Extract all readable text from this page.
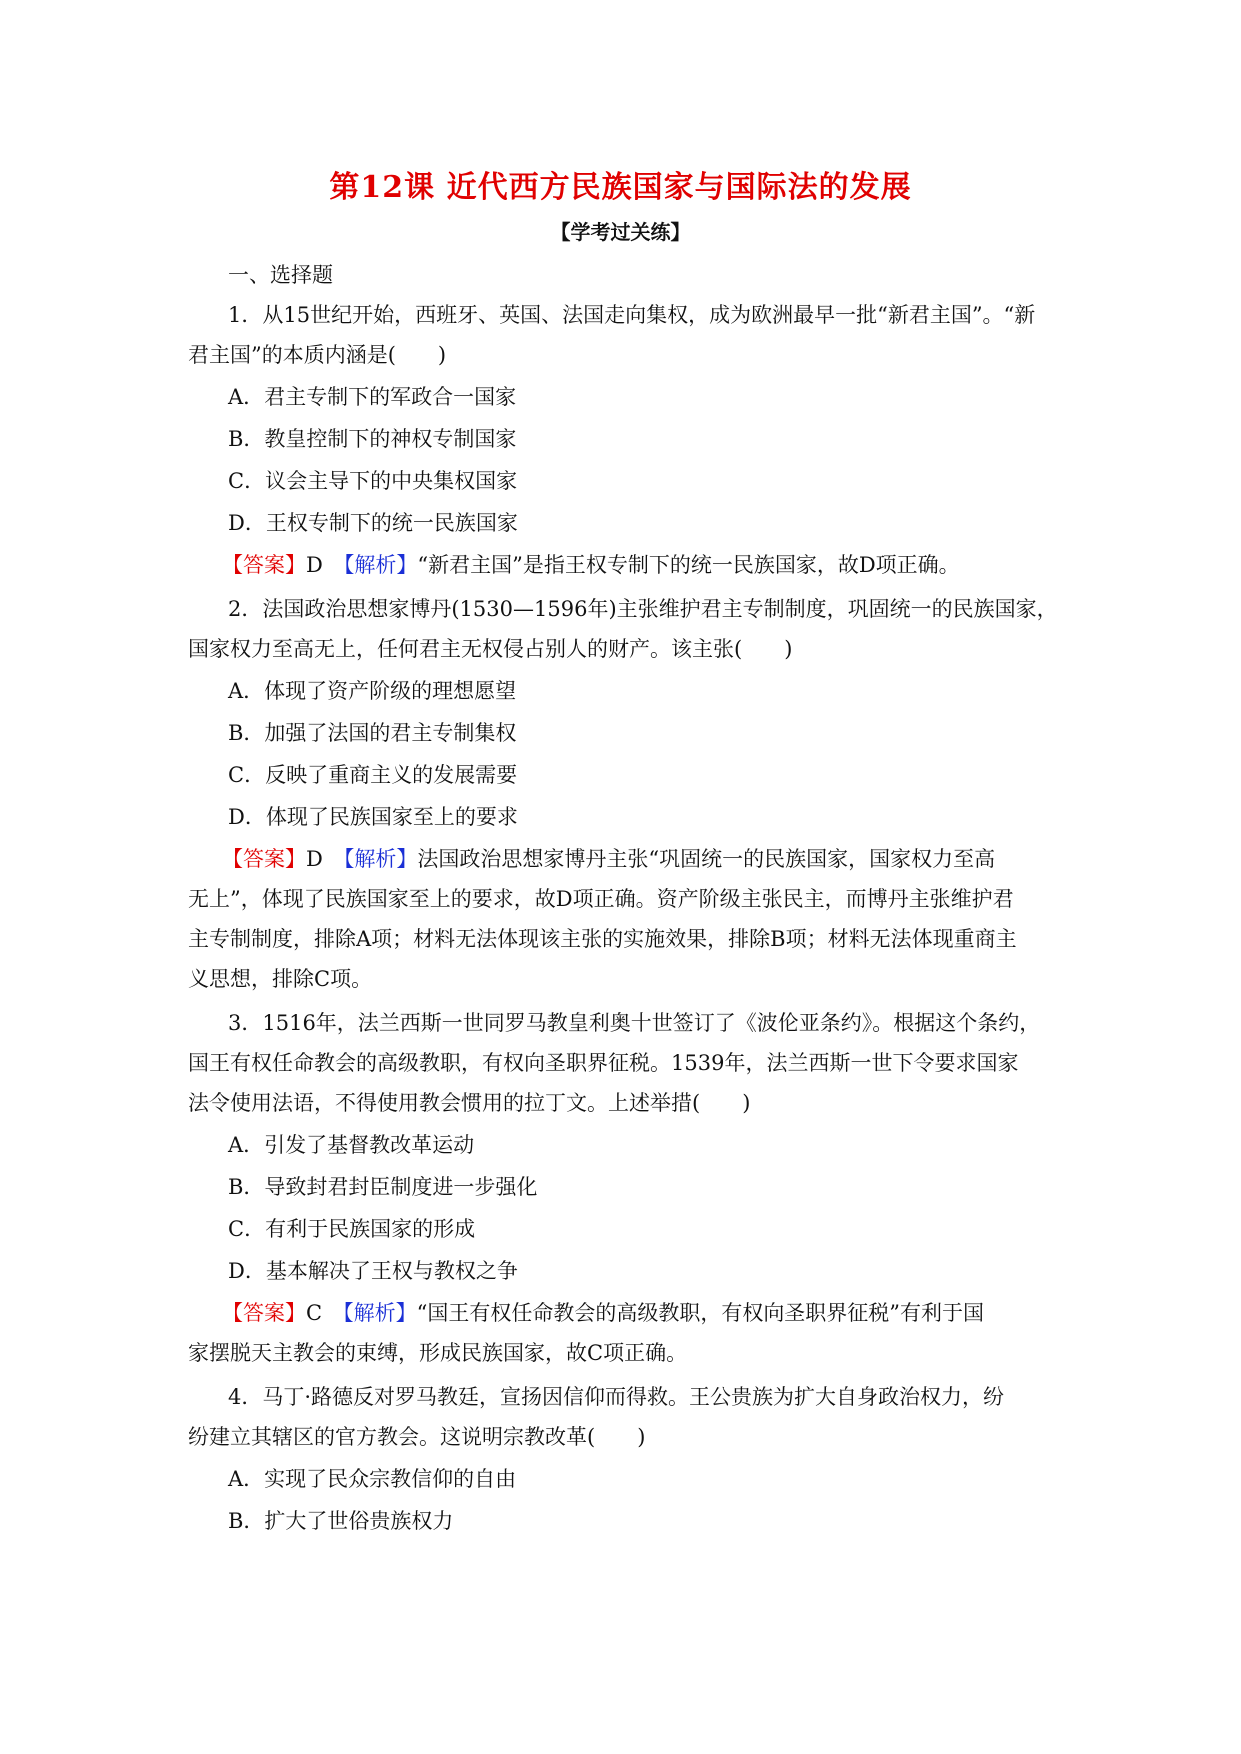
第12课 近代西方民族国家与国际法的发展
【学考过关练】
一、选择题
1．从15世纪开始，西班牙、英国、法国走向集权，成为欧洲最早一批“新君主国”。“新
君主国”的本质内涵是(　　)
A．君主专制下的军政合一国家
B．教皇控制下的神权专制国家
C．议会主导下的中央集权国家
D．王权专制下的统一民族国家
【答案】D　 【解析】“新君主国”是指王权专制下的统一民族国家，故D项正确。
2．法国政治思想家博丹(1530—1596年)主张维护君主专制制度，巩固统一的民族国家，
国家权力至高无上，任何君主无权侵占别人的财产。该主张(　　)
A．体现了资产阶级的理想愿望
B．加强了法国的君主专制集权
C．反映了重商主义的发展需要
D．体现了民族国家至上的要求
【答案】D　 【解析】法国政治思想家博丹主张“巩固统一的民族国家，国家权力至高
无上”，体现了民族国家至上的要求，故D项正确。资产阶级主张民主，而博丹主张维护君
主专制制度，排除A项；材料无法体现该主张的实施效果，排除B项；材料无法体现重商主
义思想，排除C项。
3．1516年，法兰西斯一世同罗马教皇利奥十世签订了《波伦亚条约》。根据这个条约，
国王有权任命教会的高级教职，有权向圣职界征税。1539年，法兰西斯一世下令要求国家
法令使用法语，不得使用教会惯用的拉丁文。上述举措(　　)
A．引发了基督教改革运动
B．导致封君封臣制度进一步强化
C．有利于民族国家的形成
D．基本解决了王权与教权之争
【答案】C　 【解析】“国王有权任命教会的高级教职，有权向圣职界征税”有利于国
家摆脱天主教会的束缚，形成民族国家，故C项正确。
4．马丁·路德反对罗马教廷，宣扬因信仰而得救。王公贵族为扩大自身政治权力，纷
纷建立其辖区的官方教会。这说明宗教改革(　　)
A．实现了民众宗教信仰的自由
B．扩大了世俗贵族权力
